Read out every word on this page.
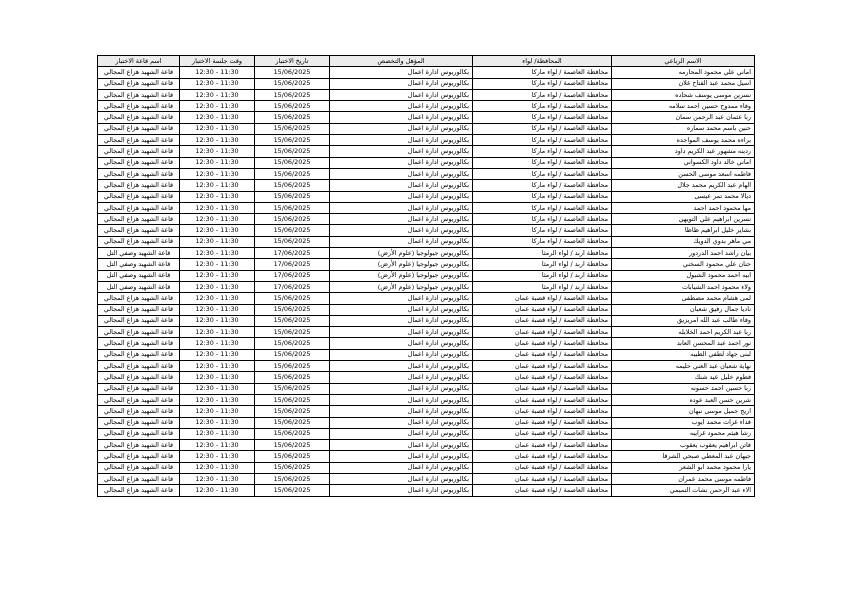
الاسم الرباعي	المحافظة/ لواء	المؤهل والتخصص	تاريخ الاختبار	وقت جلسة الاختبار	اسم قاعة الاختبار
اماني علي محمود المحارمه	محافظة العاصمة / لواء ماركا	بكالوريوس ادارة اعمال	15/06/2025	11:30 - 12:30	قاعة الشهيد هزاع المجالي
اسيل محمد عبد الفتاح غلان	محافظة العاصمة / لواء ماركا	بكالوريوس ادارة اعمال	15/06/2025	11:30 - 12:30	قاعة الشهيد هزاع المجالي
نسرين موسى يوسف شحاده	محافظة العاصمة / لواء ماركا	بكالوريوس ادارة اعمال	15/06/2025	11:30 - 12:30	قاعة الشهيد هزاع المجالي
وفاء ممدوح حسين احمد سلامه	محافظة العاصمة / لواء ماركا	بكالوريوس ادارة اعمال	15/06/2025	11:30 - 12:30	قاعة الشهيد هزاع المجالي
ربا عثمان عبد الرحمن سمان	محافظة العاصمة / لواء ماركا	بكالوريوس ادارة اعمال	15/06/2025	11:30 - 12:30	قاعة الشهيد هزاع المجالي
حنين باسم محمد سماره	محافظة العاصمة / لواء ماركا	بكالوريوس ادارة اعمال	15/06/2025	11:30 - 12:30	قاعة الشهيد هزاع المجالي
براءه محمد يوسف المواجده	محافظة العاصمة / لواء ماركا	بكالوريوس ادارة اعمال	15/06/2025	11:30 - 12:30	قاعة الشهيد هزاع المجالي
ردينه مشهور عبد الكريم داود	محافظة العاصمة / لواء ماركا	بكالوريوس ادارة اعمال	15/06/2025	11:30 - 12:30	قاعة الشهيد هزاع المجالي
اماني خالد داود الكسواني	محافظة العاصمة / لواء ماركا	بكالوريوس ادارة اعمال	15/06/2025	11:30 - 12:30	قاعة الشهيد هزاع المجالي
فاطمه اسعد موسى الحسن	محافظة العاصمة / لواء ماركا	بكالوريوس ادارة اعمال	15/06/2025	11:30 - 12:30	قاعة الشهيد هزاع المجالي
الهام عبد الكريم محمد جلال	محافظة العاصمة / لواء ماركا	بكالوريوس ادارة اعمال	15/06/2025	11:30 - 12:30	قاعة الشهيد هزاع المجالي
ديالا محمد تمر عيسى	محافظة العاصمة / لواء ماركا	بكالوريوس ادارة اعمال	15/06/2025	11:30 - 12:30	قاعة الشهيد هزاع المجالي
مها محمود احمد احمد	محافظة العاصمة / لواء ماركا	بكالوريوس ادارة اعمال	15/06/2025	11:30 - 12:30	قاعة الشهيد هزاع المجالي
نسرين ابراهيم علي التويهي	محافظة العاصمة / لواء ماركا	بكالوريوس ادارة اعمال	15/06/2025	11:30 - 12:30	قاعة الشهيد هزاع المجالي
بشاير خليل ابراهيم ظاظا	محافظة العاصمة / لواء ماركا	بكالوريوس ادارة اعمال	15/06/2025	11:30 - 12:30	قاعة الشهيد هزاع المجالي
مي ماهر بدوي الدويك	محافظة العاصمة / لواء ماركا	بكالوريوس ادارة اعمال	15/06/2025	11:30 - 12:30	قاعة الشهيد هزاع المجالي
بيان راشد احمد الدردور	محافظة اربد / لواء الرمثا	بكالوريوس جيولوجيا (علوم الأرض)	17/06/2025	11:30 - 12:30	قاعة الشهيد وصفي التل
حنان علي محمود السخني	محافظة اربد / لواء الرمثا	بكالوريوس جيولوجيا (علوم الأرض)	17/06/2025	11:30 - 12:30	قاعة الشهيد وصفي التل
ابيه احمد محمود الشبول	محافظة اربد / لواء الرمثا	بكالوريوس جيولوجيا (علوم الأرض)	17/06/2025	11:30 - 12:30	قاعة الشهيد وصفي التل
ولاء محمود احمد الشيابات	محافظة اربد / لواء الرمثا	بكالوريوس جيولوجيا (علوم الأرض)	17/06/2025	11:30 - 12:30	قاعة الشهيد وصفي التل
لمى هشام محمد مصطفى	محافظة العاصمة / لواء قصبة عمان	بكالوريوس ادارة اعمال	15/06/2025	11:30 - 12:30	قاعة الشهيد هزاع المجالي
ناديا جمال رفيق شعبان	محافظة العاصمة / لواء قصبة عمان	بكالوريوس ادارة اعمال	15/06/2025	11:30 - 12:30	قاعة الشهيد هزاع المجالي
وفاء طالب عبد الله امريزيق	محافظة العاصمة / لواء قصبة عمان	بكالوريوس ادارة اعمال	15/06/2025	11:30 - 12:30	قاعة الشهيد هزاع المجالي
ربا عبد الكريم احمد الخلايله	محافظة العاصمة / لواء قصبة عمان	بكالوريوس ادارة اعمال	15/06/2025	11:30 - 12:30	قاعة الشهيد هزاع المجالي
نور احمد عبد المحسن العابد	محافظة العاصمة / لواء قصبة عمان	بكالوريوس ادارة اعمال	15/06/2025	11:30 - 12:30	قاعة الشهيد هزاع المجالي
لبنى جهاد لطفي الطيبه	محافظة العاصمة / لواء قصبة عمان	بكالوريوس ادارة اعمال	15/06/2025	11:30 - 12:30	قاعة الشهيد هزاع المجالي
نهاية شعبان عبد الغني حليمه	محافظة العاصمة / لواء قصبة عمان	بكالوريوس ادارة اعمال	15/06/2025	11:30 - 12:30	قاعة الشهيد هزاع المجالي
فطوم خليل عيد شنك	محافظة العاصمة / لواء قصبة عمان	بكالوريوس ادارة اعمال	15/06/2025	11:30 - 12:30	قاعة الشهيد هزاع المجالي
ربا حسين احمد حسونه	محافظة العاصمة / لواء قصبة عمان	بكالوريوس ادارة اعمال	15/06/2025	11:30 - 12:30	قاعة الشهيد هزاع المجالي
شرين حسن العبد عوده	محافظة العاصمة / لواء قصبة عمان	بكالوريوس ادارة اعمال	15/06/2025	11:30 - 12:30	قاعة الشهيد هزاع المجالي
اريج جميل موسى نبهان	محافظة العاصمة / لواء قصبة عمان	بكالوريوس ادارة اعمال	15/06/2025	11:30 - 12:30	قاعة الشهيد هزاع المجالي
فداء غزات محمد ايوب	محافظة العاصمة / لواء قصبة عمان	بكالوريوس ادارة اعمال	15/06/2025	11:30 - 12:30	قاعة الشهيد هزاع المجالي
رشا هيثم محمود غرايبه	محافظة العاصمة / لواء قصبة عمان	بكالوريوس ادارة اعمال	15/06/2025	11:30 - 12:30	قاعة الشهيد هزاع المجالي
فاتن ابراهيم يعقوب يعقوب	محافظة العاصمة / لواء قصبة عمان	بكالوريوس ادارة اعمال	15/06/2025	11:30 - 12:30	قاعة الشهيد هزاع المجالي
جيهان عبد المعطي صبحي الشرقا	محافظة العاصمة / لواء قصبة عمان	بكالوريوس ادارة اعمال	15/06/2025	11:30 - 12:30	قاعة الشهيد هزاع المجالي
يارا محمود محمد ابو الشعر	محافظة العاصمة / لواء قصبة عمان	بكالوريوس ادارة اعمال	15/06/2025	11:30 - 12:30	قاعة الشهيد هزاع المجالي
فاطمه موسى محمد عمران	محافظة العاصمة / لواء قصبة عمان	بكالوريوس ادارة اعمال	15/06/2025	11:30 - 12:30	قاعة الشهيد هزاع المجالي
الاء عبد الرحمن نشات التميمي	محافظة العاصمة / لواء قصبة عمان	بكالوريوس ادارة اعمال	15/06/2025	11:30 - 12:30	قاعة الشهيد هزاع المجالي
